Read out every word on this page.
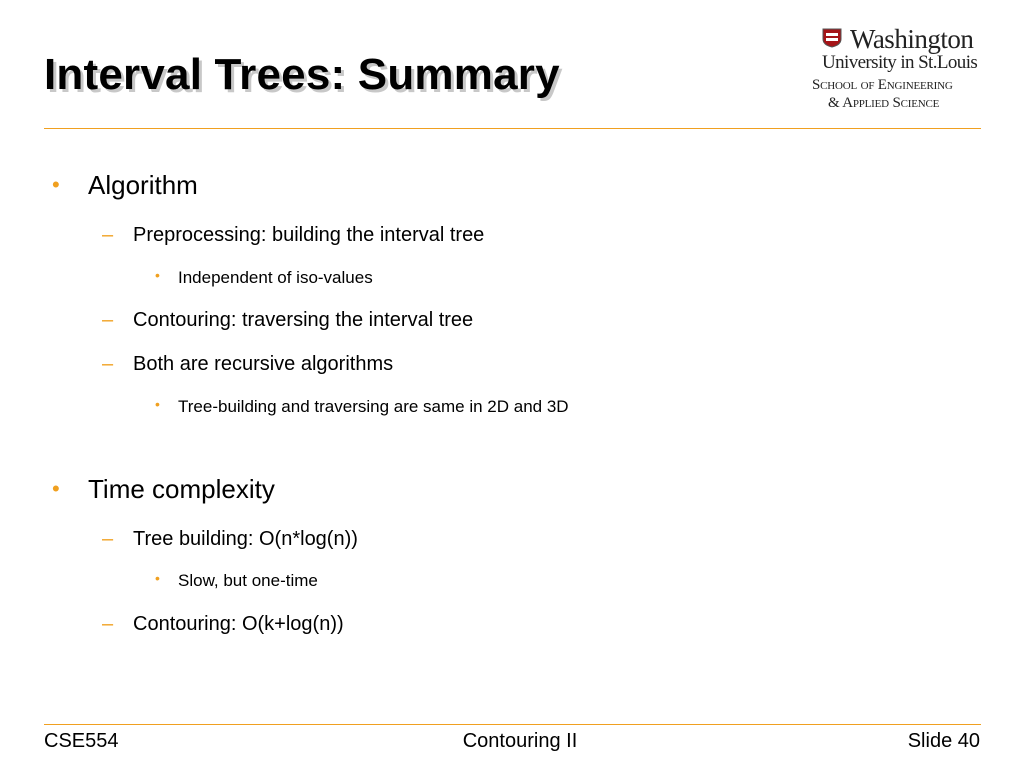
Interval Trees: Summary
Washington
University in St.Louis
School of Engineering
& Applied Science
• Algorithm
– Preprocessing: building the interval tree
• Independent of iso-values
– Contouring: traversing the interval tree
– Both are recursive algorithms
• Tree-building and traversing are same in 2D and 3D
• Time complexity
– Tree building: O(n*log(n))
• Slow, but one-time
– Contouring: O(k+log(n))
CSE554	Contouring II	Slide 40
